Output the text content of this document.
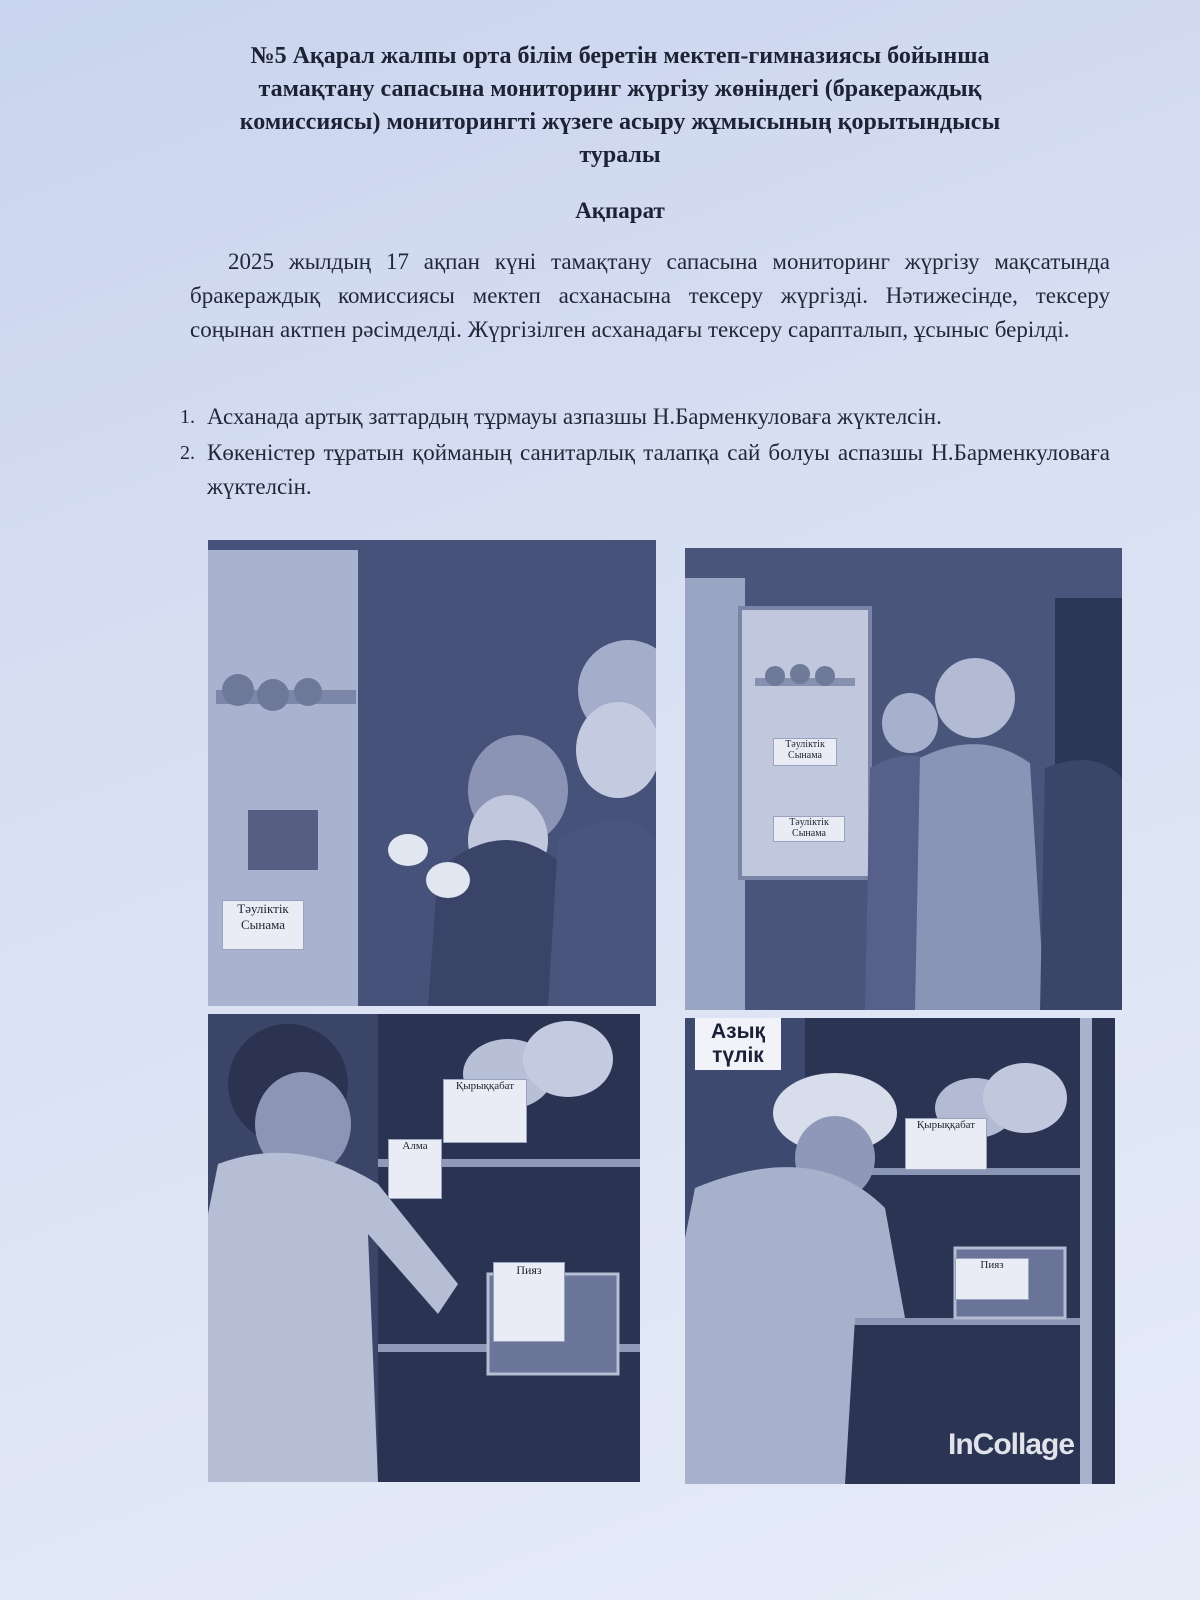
№5 Ақарал жалпы орта білім беретін мектеп-гимназиясы бойынша
тамақтану сапасына мониторинг жүргізу жөніндегі (бракераждық
комиссиясы) мониторингті жүзеге асыру жұмысының қорытындысы
туралы
Ақпарат
2025 жылдың 17 ақпан күні тамақтану сапасына мониторинг жүргізу мақсатында бракераждық комиссиясы мектеп асханасына тексеру жүргізді. Нәтижесінде, тексеру соңынан актпен рәсімделді. Жүргізілген асханадағы тексеру сарапталып, ұсыныс берілді.
1. Асханада артық заттардың тұрмауы азпазшы Н.Барменкуловаға жүктелсін.
2. Көкеністер тұратын қойманың санитарлық талапқа сай болуы аспазшы Н.Барменкуловаға жүктелсін.
Тәуліктік Сынама
Тәуліктік Сынама
Тәуліктік Сынама
Қырыққабат
Алма
Пияз
Азық
түлік
Қырыққабат
Пияз
InCollage
